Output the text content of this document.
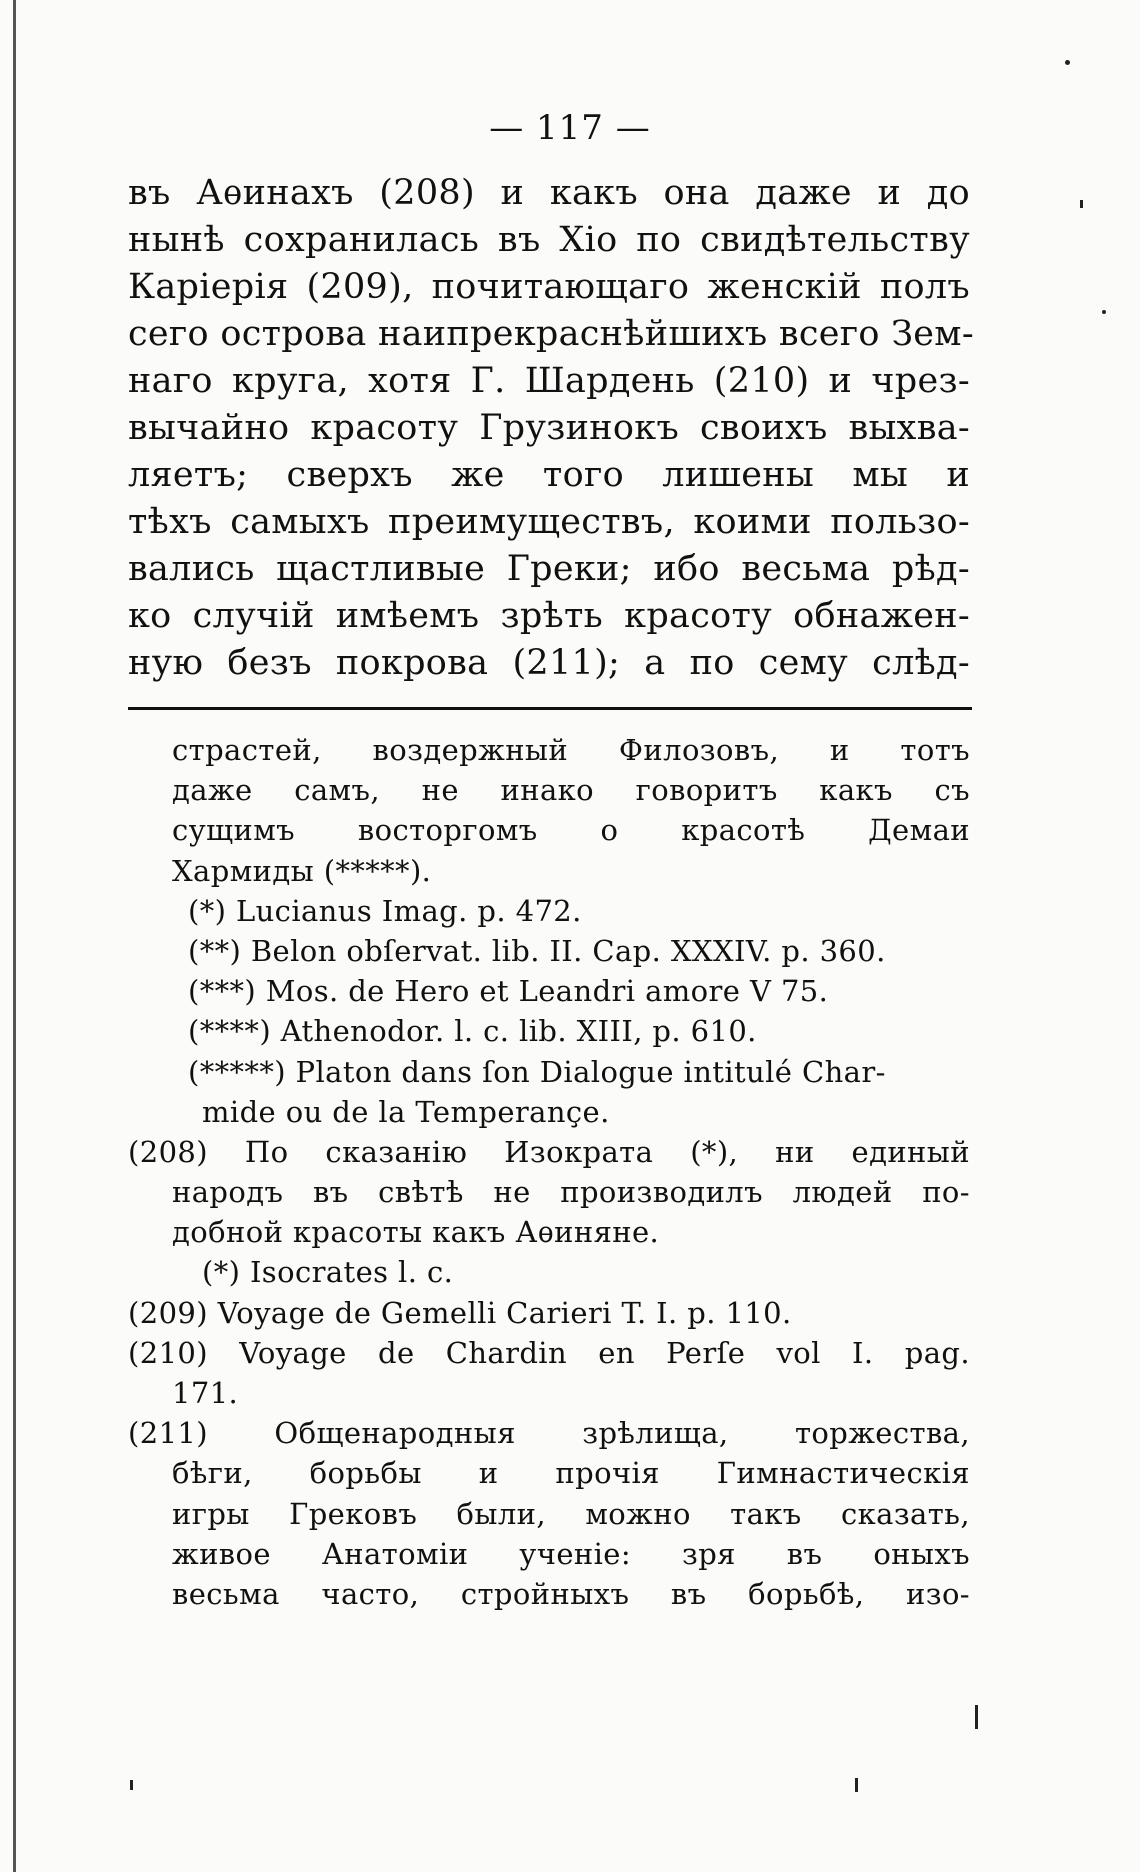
— 117 —
въ Аѳинахъ (208) и какъ она даже и до
нынѣ сохранилась въ Хіо по свидѣтельству
Каріерія (209), почитающаго женскій полъ
сего острова наипрекраснѣйшихъ всего Зем-
наго круга, хотя Г. Шардень (210) и чрез-
вычайно красоту Грузинокъ своихъ выхва-
ляетъ; сверхъ же того лишены мы и
тѣхъ самыхъ преимуществъ, коими пользо-
вались щастливые Греки; ибо весьма рѣд-
ко случій имѣемъ зрѣть красоту обнажен-
ную безъ покрова (211); а по сему слѣд-
страстей, воздержный Филозовъ, и тотъ
даже самъ, не инако говоритъ какъ съ
сущимъ восторгомъ о красотѣ Демаи
Хармиды (*****).
(*) Lucianus Imag. p. 472.
(**) Belon obſervat. lib. II. Cap. XXXIV. p. 360.
(***) Mos. de Hero et Leandri amore V 75.
(****) Athenodor. l. c. lib. XIII, p. 610.
(*****) Platon dans ſon Dialogue intitulé Char-
mide ou de la Temperançe.
(208) По сказанію Изократа (*), ни единый
народъ въ свѣтѣ не производилъ людей по-
добной красоты какъ Аѳиняне.
(*) Isocrates l. c.
(209) Voyage de Gemelli Carieri T. I. p. 110.
(210) Voyage de Chardin en Perſe vol I. pag.
171.
(211) Общенародныя зрѣлища, торжества,
бѣги, борьбы и прочія Гимнастическія
игры Грековъ были, можно такъ сказать,
живое Анатоміи ученіе: зря въ оныхъ
весьма часто, стройныхъ въ борьбѣ, изо-
